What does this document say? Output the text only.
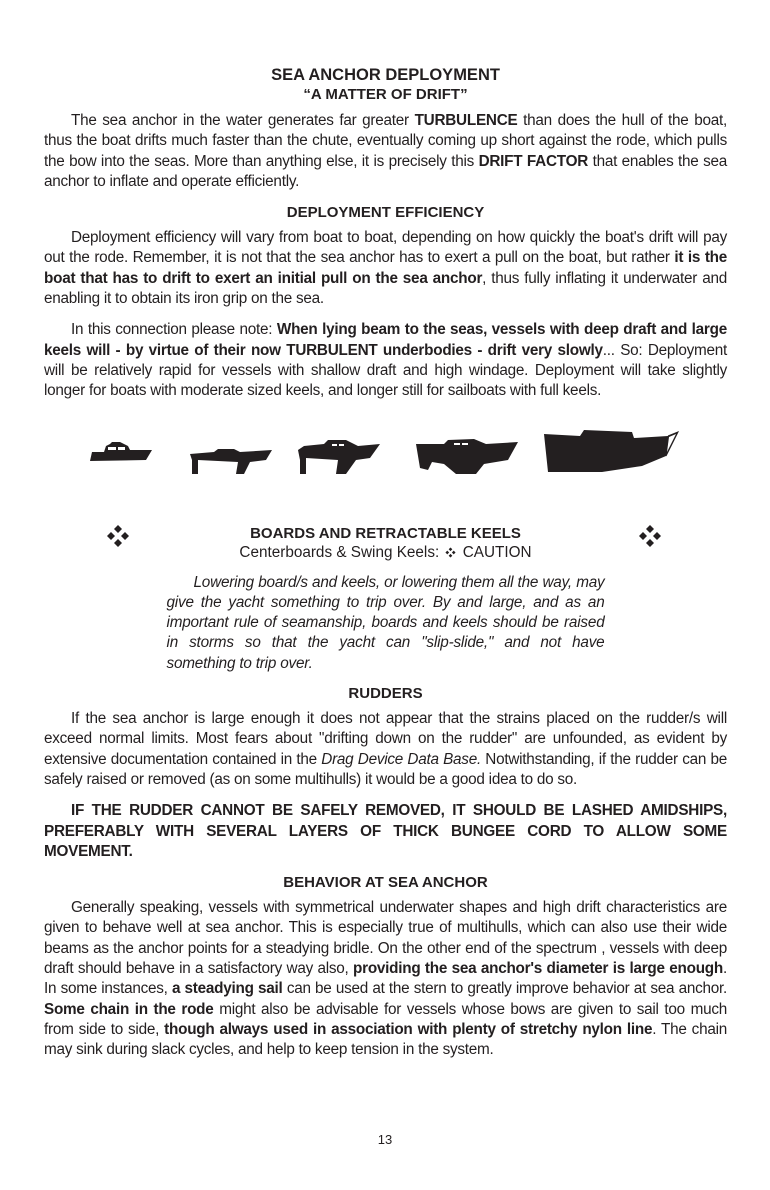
SEA ANCHOR DEPLOYMENT
“A MATTER OF DRIFT”

The sea anchor in the water generates far greater TURBULENCE than does the hull of the boat, thus the boat drifts much faster than the chute, eventually coming up short against the rode, which pulls the bow into the seas. More than anything else, it is precisely this DRIFT FACTOR that enables the sea anchor to inflate and operate efficiently.

DEPLOYMENT EFFICIENCY

Deployment efficiency will vary from boat to boat, depending on how quickly the boat's drift will pay out the rode. Remember, it is not that the sea anchor has to exert a pull on the boat, but rather it is the boat that has to drift to exert an initial pull on the sea anchor, thus fully inflating it underwater and enabling it to obtain its iron grip on the sea.

In this connection please note: When lying beam to the seas, vessels with deep draft and large keels will - by virtue of their now TURBULENT underbodies - drift very slowly... So: Deployment will be relatively rapid for vessels with shallow draft and high windage. Deployment will take slightly longer for boats with moderate sized keels, and longer still for sailboats with full keels.

BOARDS AND RETRACTABLE KEELS
Centerboards & Swing Keels:  CAUTION

Lowering board/s and keels, or lowering them all the way, may give the yacht something to trip over. By and large, and as an important rule of seamanship, boards and keels should be raised in storms so that the yacht can "slip-slide," and not have something to trip over.

RUDDERS

If the sea anchor is large enough it does not appear that the strains placed on the rudder/s will exceed normal limits. Most fears about "drifting down on the rudder" are unfounded, as evident by extensive documentation contained in the Drag Device Data Base. Notwithstanding, if the rudder can be safely raised or removed (as on some multihulls) it would be a good idea to do so.

IF THE RUDDER CANNOT BE SAFELY REMOVED, IT SHOULD BE LASHED AMIDSHIPS, PREFERABLY WITH SEVERAL LAYERS OF THICK BUNGEE CORD TO ALLOW SOME MOVEMENT.

BEHAVIOR AT SEA ANCHOR

Generally speaking, vessels with symmetrical underwater shapes and high drift characteristics are given to behave well at sea anchor. This is especially true of multihulls, which can also use their wide beams as the anchor points for a steadying bridle. On the other end of the spectrum , vessels with deep draft should behave in a satisfactory way also, providing the sea anchor's diameter is large enough. In some instances, a steadying sail can be used at the stern to greatly improve behavior at sea anchor. Some chain in the rode might also be advisable for vessels whose bows are given to sail too much from side to side, though always used in association with plenty of stretchy nylon line. The chain may sink during slack cycles, and help to keep tension in the system.

13
